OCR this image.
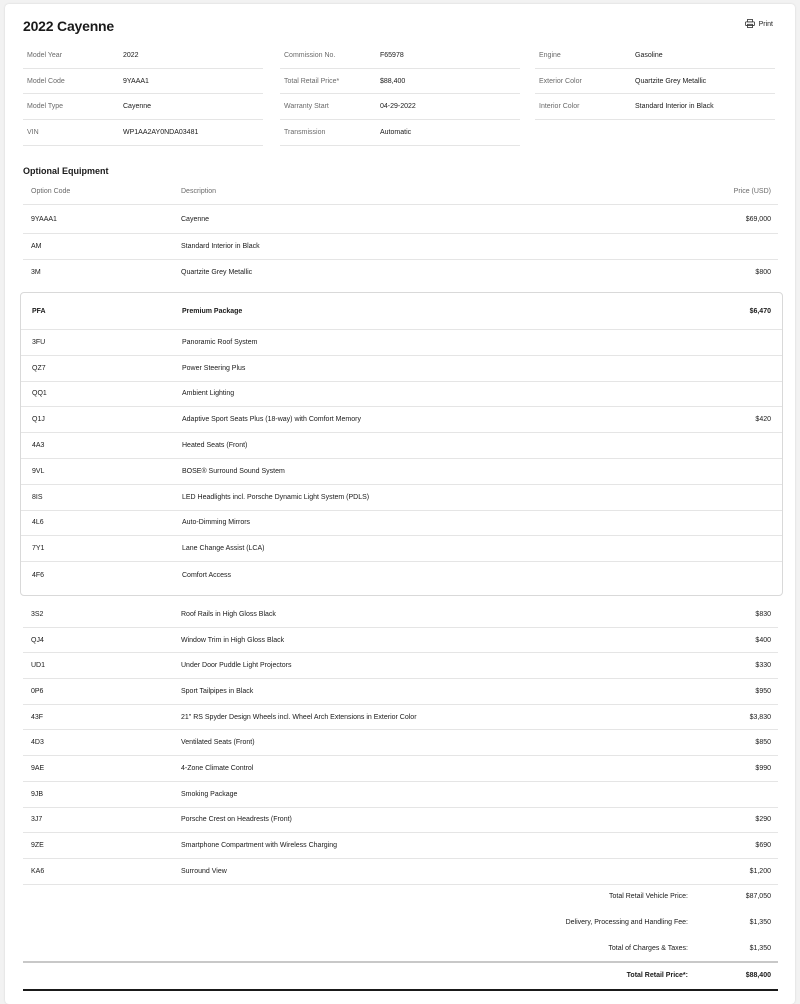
2022 Cayenne	Print
Model Year	2022
Model Code	9YAAA1
Model Type	Cayenne
VIN	WP1AA2AY0NDA03481
Commission No.	F65978
Total Retail Price*	$88,400
Warranty Start	04-29-2022
Transmission	Automatic
Engine	Gasoline
Exterior Color	Quartzite Grey Metallic
Interior Color	Standard Interior in Black
Optional Equipment
Option Code	Description	Price (USD)
9YAAA1	Cayenne	$69,000
AM	Standard Interior in Black
3M	Quartzite Grey Metallic	$800
PFA	Premium Package	$6,470
3FU	Panoramic Roof System
QZ7	Power Steering Plus
QQ1	Ambient Lighting
Q1J	Adaptive Sport Seats Plus (18-way) with Comfort Memory	$420
4A3	Heated Seats (Front)
9VL	BOSE® Surround Sound System
8IS	LED Headlights incl. Porsche Dynamic Light System (PDLS)
4L6	Auto-Dimming Mirrors
7Y1	Lane Change Assist (LCA)
4F6	Comfort Access
3S2	Roof Rails in High Gloss Black	$830
QJ4	Window Trim in High Gloss Black	$400
UD1	Under Door Puddle Light Projectors	$330
0P6	Sport Tailpipes in Black	$950
43F	21" RS Spyder Design Wheels incl. Wheel Arch Extensions in Exterior Color	$3,830
4D3	Ventilated Seats (Front)	$850
9AE	4-Zone Climate Control	$990
9JB	Smoking Package
3J7	Porsche Crest on Headrests (Front)	$290
9ZE	Smartphone Compartment with Wireless Charging	$690
KA6	Surround View	$1,200
Total Retail Vehicle Price:	$87,050
Delivery, Processing and Handling Fee:	$1,350
Total of Charges & Taxes:	$1,350
Total Retail Price*:	$88,400
